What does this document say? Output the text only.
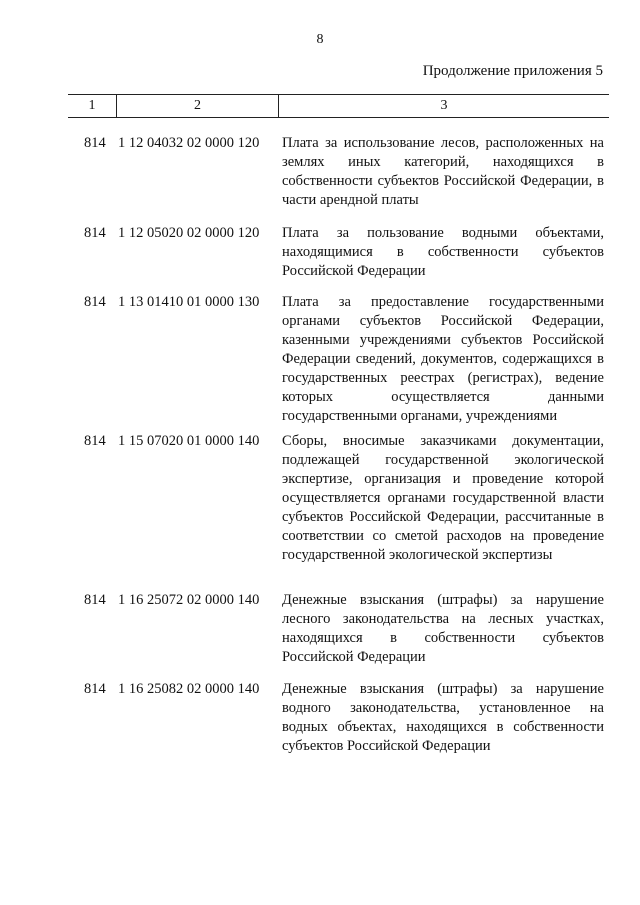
8
Продолжение приложения 5
1	2	3
814 1 12 04032 02 0000 120 Плата за использование лесов, расположенных на землях иных категорий, находящихся в собственности субъектов Российской Федерации, в части арендной платы
814 1 12 05020 02 0000 120 Плата за пользование водными объектами, находящимися в собственности субъектов Российской Федерации
814 1 13 01410 01 0000 130 Плата за предоставление государственными органами субъектов Российской Федерации, казенными учреждениями субъектов Российской Федерации сведений, документов, содержащихся в государственных реестрах (регистрах), ведение которых осуществляется данными государственными органами, учреждениями
814 1 15 07020 01 0000 140 Сборы, вносимые заказчиками документации, подлежащей государственной экологической экспертизе, организация и проведение которой осуществляется органами государственной власти субъектов Российской Федерации, рассчитанные в соответствии со сметой расходов на проведение государственной экологической экспертизы
814 1 16 25072 02 0000 140 Денежные взыскания (штрафы) за нарушение лесного законодательства на лесных участках, находящихся в собственности субъектов Российской Федерации
814 1 16 25082 02 0000 140 Денежные взыскания (штрафы) за нарушение водного законодательства, установленное на водных объектах, находящихся в собственности субъектов Российской Федерации
